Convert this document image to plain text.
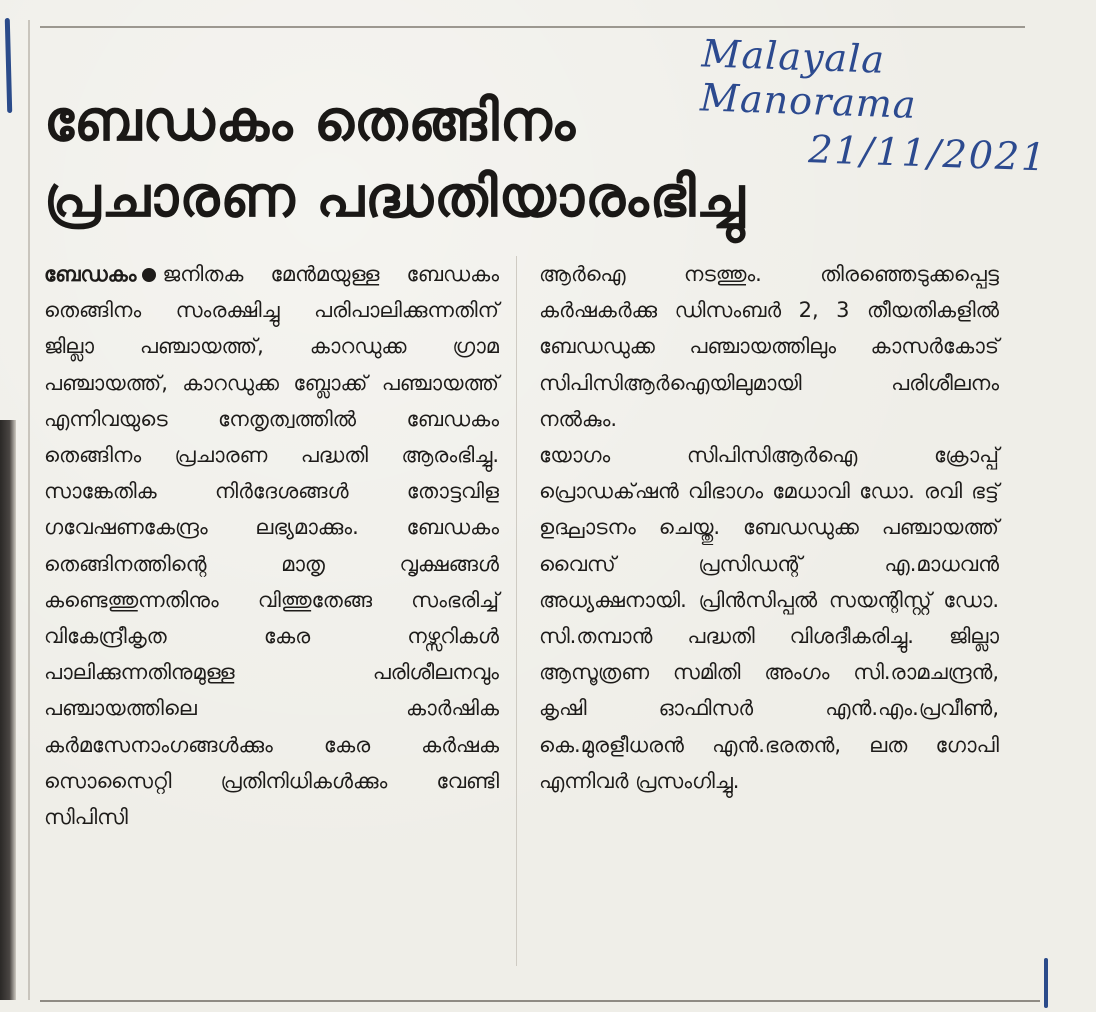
Malayala Manorama
21/11/2021
ബേഡകം തെങ്ങിനം
പ്രചാരണ പദ്ധതിയാരംഭിച്ചു

ബേഡകം ജനിതക മേൻമയുള്ള ബേഡകം തെങ്ങിനം സംരക്ഷിച്ചു പരിപാലിക്കുന്നതിന് ജില്ലാ പഞ്ചായത്ത്, കാറഡുക്ക ഗ്രാമ പഞ്ചായത്ത്, കാറഡുക്ക ബ്ലോക്ക് പഞ്ചായത്ത് എന്നിവയുടെ നേതൃത്വത്തിൽ ബേഡകം തെങ്ങിനം പ്രചാരണ പദ്ധതി ആരംഭിച്ചു. സാങ്കേതിക നിർദേശങ്ങൾ തോട്ടവിള ഗവേഷണകേന്ദ്രം ലഭ്യമാക്കും. ബേഡകം തെങ്ങിനത്തിന്റെ മാതൃ വൃക്ഷങ്ങൾ കണ്ടെത്തുന്നതിനും വിത്തുതേങ്ങ സംഭരിച്ച് വികേന്ദ്രീകൃത കേര നഴ്സറികൾ പാലിക്കുന്നതിനുമുള്ള പരിശീലനവും പഞ്ചായത്തിലെ കാർഷിക കർമസേനാംഗങ്ങൾക്കും കേര കർഷക സൊസൈറ്റി പ്രതിനിധികൾക്കും വേണ്ടി സിപിസി

ആർഐ നടത്തും. തിരഞ്ഞെടുക്കപ്പെട്ട കർഷകർക്കു ഡിസംബർ 2, 3 തീയതികളിൽ ബേഡഡുക്ക പഞ്ചായത്തിലും കാസർകോട് സിപിസിആർഐയിലുമായി പരിശീലനം നൽകും.

യോഗം സിപിസിആർഐ ക്രോപ്പ് പ്രൊഡക്‌ഷൻ വിഭാഗം മേധാവി ഡോ. രവി ഭട്ട് ഉദ്ഘാടനം ചെയ്തു. ബേഡഡുക്ക പഞ്ചായത്ത് വൈസ് പ്രസിഡന്റ് എ.മാധവൻ അധ്യക്ഷനായി. പ്രിൻസിപ്പൽ സയന്റിസ്റ്റ് ഡോ. സി.തമ്പാൻ പദ്ധതി വിശദീകരിച്ചു. ജില്ലാ ആസൂത്രണ സമിതി അംഗം സി.രാമചന്ദ്രൻ, കൃഷി ഓഫിസർ എൻ.എം.പ്രവീൺ, കെ.മുരളീധരൻ എൻ.ഭരതൻ, ലത ഗോപി എന്നിവർ പ്രസംഗിച്ചു.
